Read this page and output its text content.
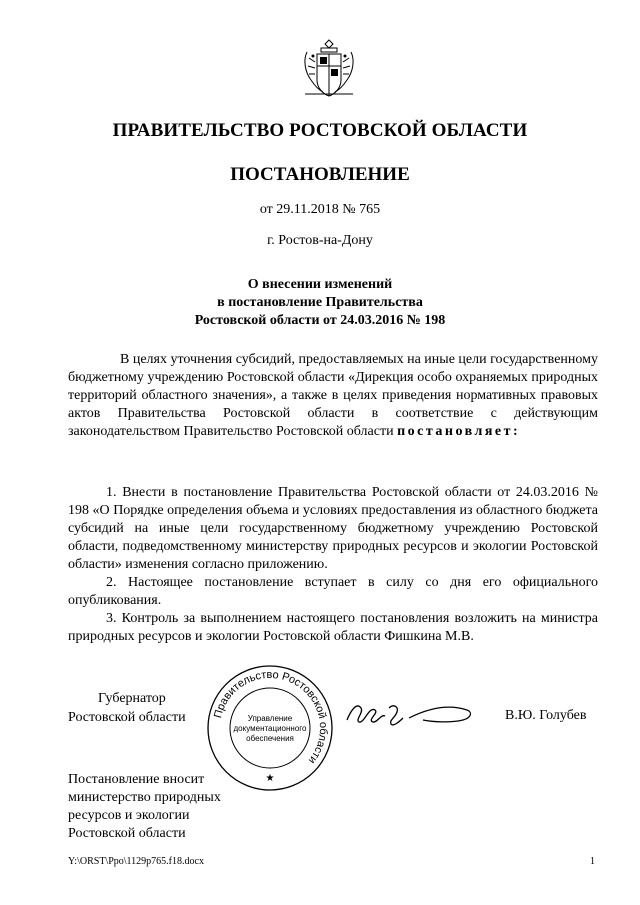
ПРАВИТЕЛЬСТВО РОСТОВСКОЙ ОБЛАСТИ
ПОСТАНОВЛЕНИЕ
от 29.11.2018 № 765
г. Ростов-на-Дону
О внесении изменений
в постановление Правительства
Ростовской области от 24.03.2016 № 198
В целях уточнения субсидий, предоставляемых на иные цели государственному бюджетному учреждению Ростовской области «Дирекция особо охраняемых природных территорий областного значения», а также в целях приведения нормативных правовых актов Правительства Ростовской области в соответствие с действующим законодательством Правительство Ростовской области постановляет:

1. Внести в постановление Правительства Ростовской области от 24.03.2016 № 198 «О Порядке определения объема и условиях предоставления из областного бюджета субсидий на иные цели государственному бюджетному учреждению Ростовской области, подведомственному министерству природных ресурсов и экологии Ростовской области» изменения согласно приложению.

2. Настоящее постановление вступает в силу со дня его официального опубликования.

3. Контроль за выполнением настоящего постановления возложить на министра природных ресурсов и экологии Ростовской области Фишкина М.В.

Губернатор
Ростовской области Правительство Ростовской области
Управление
документационного
обеспечения
★
В.Ю. Голубев
Постановление вносит
министерство природных
ресурсов и экологии
Ростовской области
Y:\ORST\Ppo\1129p765.f18.docx	1
